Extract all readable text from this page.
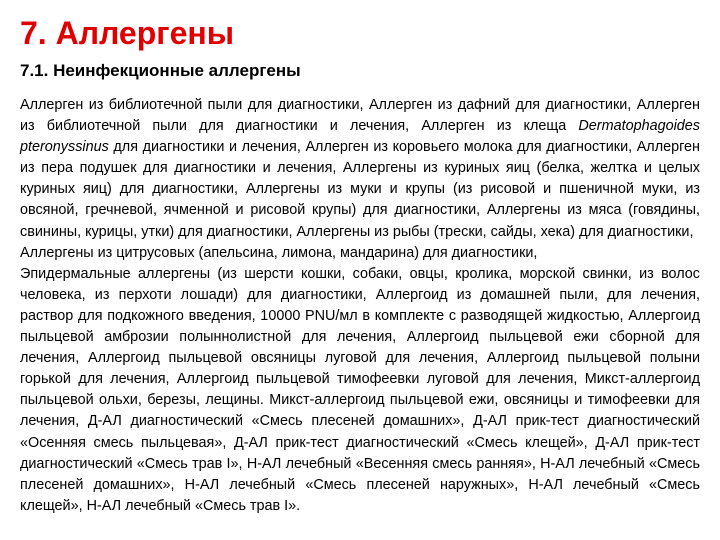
7. Аллергены
7.1. Неинфекционные аллергены

Аллерген из библиотечной пыли для диагностики, Аллерген из дафний для диагностики, Аллерген из библиотечной пыли для диагностики и лечения, Аллерген из клеща Dermatophagoides pteronyssinus для диагностики и лечения, Аллерген из коровьего молока для диагностики, Аллерген из пера подушек для диагностики и лечения, Аллергены из куриных яиц (белка, желтка и целых куриных яиц) для диагностики, Аллергены из муки и крупы (из рисовой и пшеничной муки, из овсяной, гречневой, ячменной и рисовой крупы) для диагностики, Аллергены из мяса (говядины, свинины, курицы, утки) для диагностики, Аллергены из рыбы (трески, сайды, хека) для диагностики,

Аллергены из цитрусовых (апельсина, лимона, мандарина) для диагностики,

Эпидермальные аллергены (из шерсти кошки, собаки, овцы, кролика, морской свинки, из волос человека, из перхоти лошади) для диагностики, Аллергоид из домашней пыли, для лечения, раствор для подкожного введения, 10000 PNU/мл в комплекте с разводящей жидкостью, Аллергоид пыльцевой амброзии полыннолистной для лечения, Аллергоид пыльцевой ежи сборной для лечения, Аллергоид пыльцевой овсяницы луговой для лечения, Аллергоид пыльцевой полыни горькой для лечения, Аллергоид пыльцевой тимофеевки луговой для лечения, Микст-аллергоид пыльцевой ольхи, березы, лещины. Микст-аллергоид пыльцевой ежи, овсяницы и тимофеевки для лечения, Д-АЛ диагностический «Смесь плесеней домашних», Д-АЛ прик-тест диагностический «Осенняя смесь пыльцевая», Д-АЛ прик-тест диагностический «Смесь клещей», Д-АЛ прик-тест диагностический «Смесь трав I», Н-АЛ лечебный «Весенняя смесь ранняя», Н-АЛ лечебный «Смесь плесеней домашних», Н-АЛ лечебный «Смесь плесеней наружных», Н-АЛ лечебный «Смесь клещей», Н-АЛ лечебный «Смесь трав I».
